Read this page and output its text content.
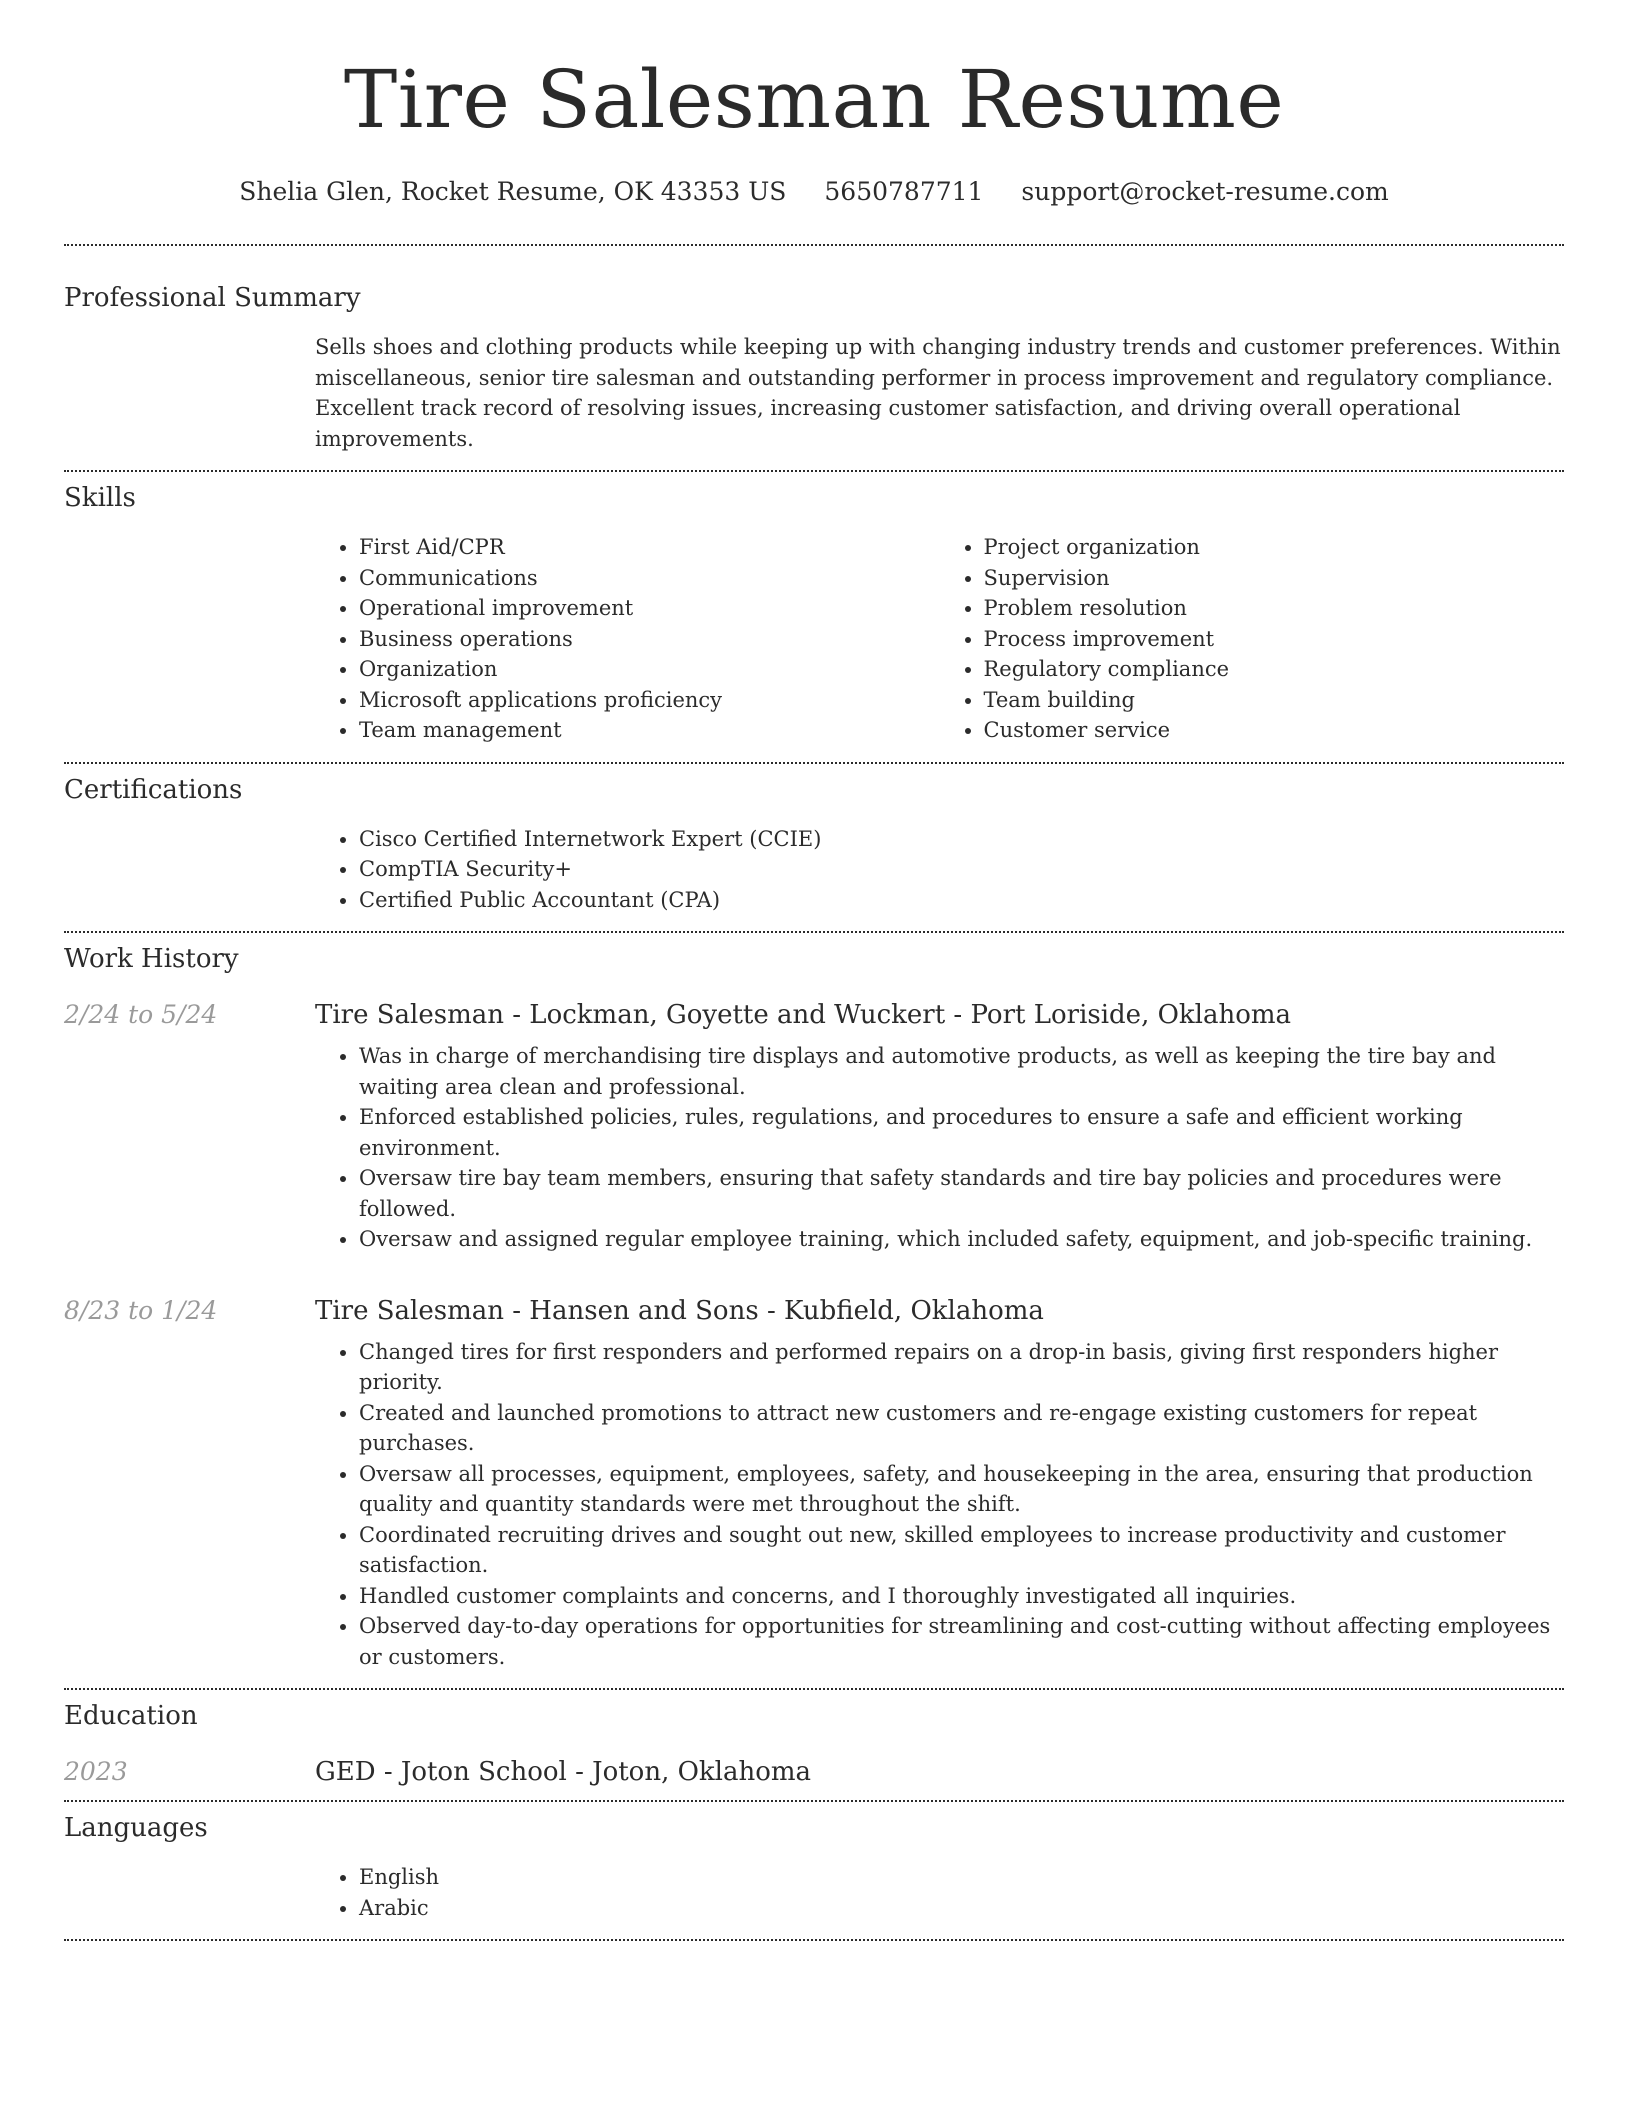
Tire Salesman Resume
Shelia Glen, Rocket Resume, OK 43353 US 5650787711 support@rocket-resume.com
Professional Summary

Sells shoes and clothing products while keeping up with changing industry trends and customer preferences. Within miscellaneous, senior tire salesman and outstanding performer in process improvement and regulatory compliance. Excellent track record of resolving issues, increasing customer satisfaction, and driving overall operational improvements.

Skills
• First Aid/CPR
• Communications
• Operational improvement
• Business operations
• Organization
• Microsoft applications proficiency
• Team management
• Project organization
• Supervision
• Problem resolution
• Process improvement
• Regulatory compliance
• Team building
• Customer service
Certifications
• Cisco Certified Internetwork Expert (CCIE)
• CompTIA Security+
• Certified Public Accountant (CPA)
Work History
2/24 to 5/24	Tire Salesman - Lockman, Goyette and Wuckert - Port Loriside, Oklahoma
• Was in charge of merchandising tire displays and automotive products, as well as keeping the tire bay and waiting area clean and professional.
• Enforced established policies, rules, regulations, and procedures to ensure a safe and efficient working environment.
• Oversaw tire bay team members, ensuring that safety standards and tire bay policies and procedures were followed.
• Oversaw and assigned regular employee training, which included safety, equipment, and job-specific training.
8/23 to 1/24	Tire Salesman - Hansen and Sons - Kubfield, Oklahoma
• Changed tires for first responders and performed repairs on a drop-in basis, giving first responders higher priority.
• Created and launched promotions to attract new customers and re-engage existing customers for repeat purchases.
• Oversaw all processes, equipment, employees, safety, and housekeeping in the area, ensuring that production quality and quantity standards were met throughout the shift.
• Coordinated recruiting drives and sought out new, skilled employees to increase productivity and customer satisfaction.
• Handled customer complaints and concerns, and I thoroughly investigated all inquiries.
• Observed day-to-day operations for opportunities for streamlining and cost-cutting without affecting employees or customers.
Education
2023	GED - Joton School - Joton, Oklahoma
Languages
• English
• Arabic
